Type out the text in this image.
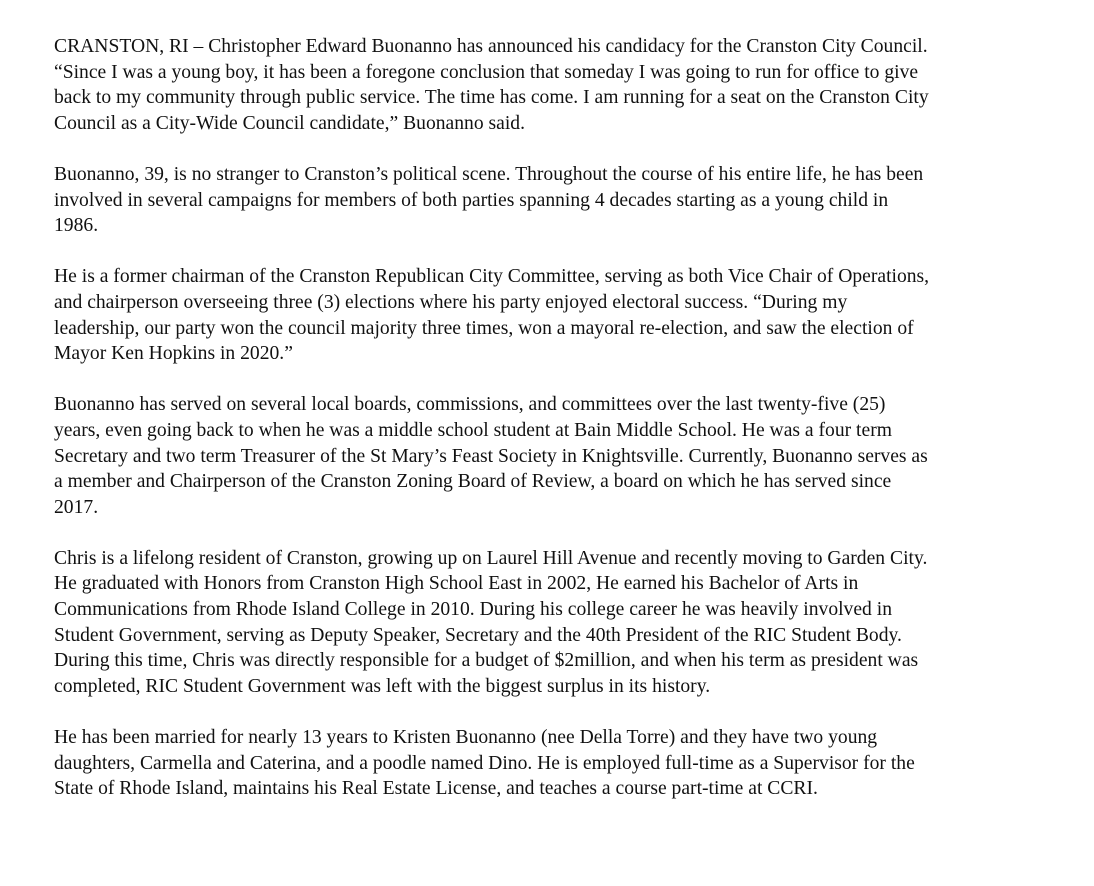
CRANSTON, RI – Christopher Edward Buonanno has announced his candidacy for the Cranston City Council.
“Since I was a young boy, it has been a foregone conclusion that someday I was going to run for office to give
back to my community through public service. The time has come. I am running for a seat on the Cranston City
Council as a City-Wide Council candidate,” Buonanno said.

Buonanno, 39, is no stranger to Cranston’s political scene. Throughout the course of his entire life, he has been
involved in several campaigns for members of both parties spanning 4 decades starting as a young child in
1986.

He is a former chairman of the Cranston Republican City Committee, serving as both Vice Chair of Operations,
and chairperson overseeing three (3) elections where his party enjoyed electoral success. “During my
leadership, our party won the council majority three times, won a mayoral re-election, and saw the election of
Mayor Ken Hopkins in 2020.”

Buonanno has served on several local boards, commissions, and committees over the last twenty-five (25)
years, even going back to when he was a middle school student at Bain Middle School. He was a four term
Secretary and two term Treasurer of the St Mary’s Feast Society in Knightsville. Currently, Buonanno serves as
a member and Chairperson of the Cranston Zoning Board of Review, a board on which he has served since
2017.

Chris is a lifelong resident of Cranston, growing up on Laurel Hill Avenue and recently moving to Garden City.
He graduated with Honors from Cranston High School East in 2002, He earned his Bachelor of Arts in
Communications from Rhode Island College in 2010. During his college career he was heavily involved in
Student Government, serving as Deputy Speaker, Secretary and the 40th President of the RIC Student Body.
During this time, Chris was directly responsible for a budget of $2million, and when his term as president was
completed, RIC Student Government was left with the biggest surplus in its history.

He has been married for nearly 13 years to Kristen Buonanno (nee Della Torre) and they have two young
daughters, Carmella and Caterina, and a poodle named Dino. He is employed full-time as a Supervisor for the
State of Rhode Island, maintains his Real Estate License, and teaches a course part-time at CCRI.
